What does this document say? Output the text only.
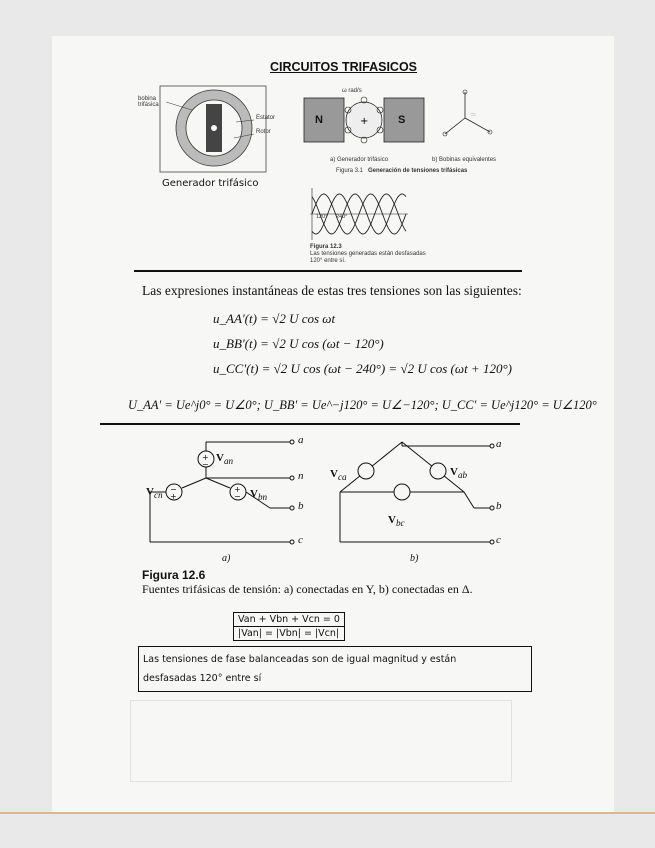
CIRCUITOS TRIFASICOS
bobina trifásica
Estator
Rotor
Generador trifásico
+
ω rad/s
N	S
a) Generador trifásico	b) Bobinas equivalentes
Figura 3.1 Generación de tensiones trifásicas
120° 240°
Figura 12.3
Las tensiones generadas están desfasadas
120° entre sí.
≈
Las expresiones instantáneas de estas tres tensiones son las siguientes:
u_AA'(t) = √2 U cos ωt
u_BB'(t) = √2 U cos (ωt − 120°)
u_CC'(t) = √2 U cos (ωt − 240°) = √2 U cos (ωt + 120°)
U_AA' = Ue^j0° = U∠0°; U_BB' = Ue^−j120° = U∠−120°; U_CC' = Ue^j120° = U∠120°
+
−
−
+
+
−
$V_{an}$
$V_{cn}$	$V_{bn}$
a
n
b
c
$V_{ca}$	$V_{ab}$
$V_{bc}$
a
b
c
a)	b)
Figura 12.6
Fuentes trifásicas de tensión: a) conectadas en Y, b) conectadas en Δ.
Van + Vbn + Vcn = 0
|Van| = |Vbn| = |Vcn|
Las tensiones de fase balanceadas son de igual magnitud y están
desfasadas 120° entre sí
